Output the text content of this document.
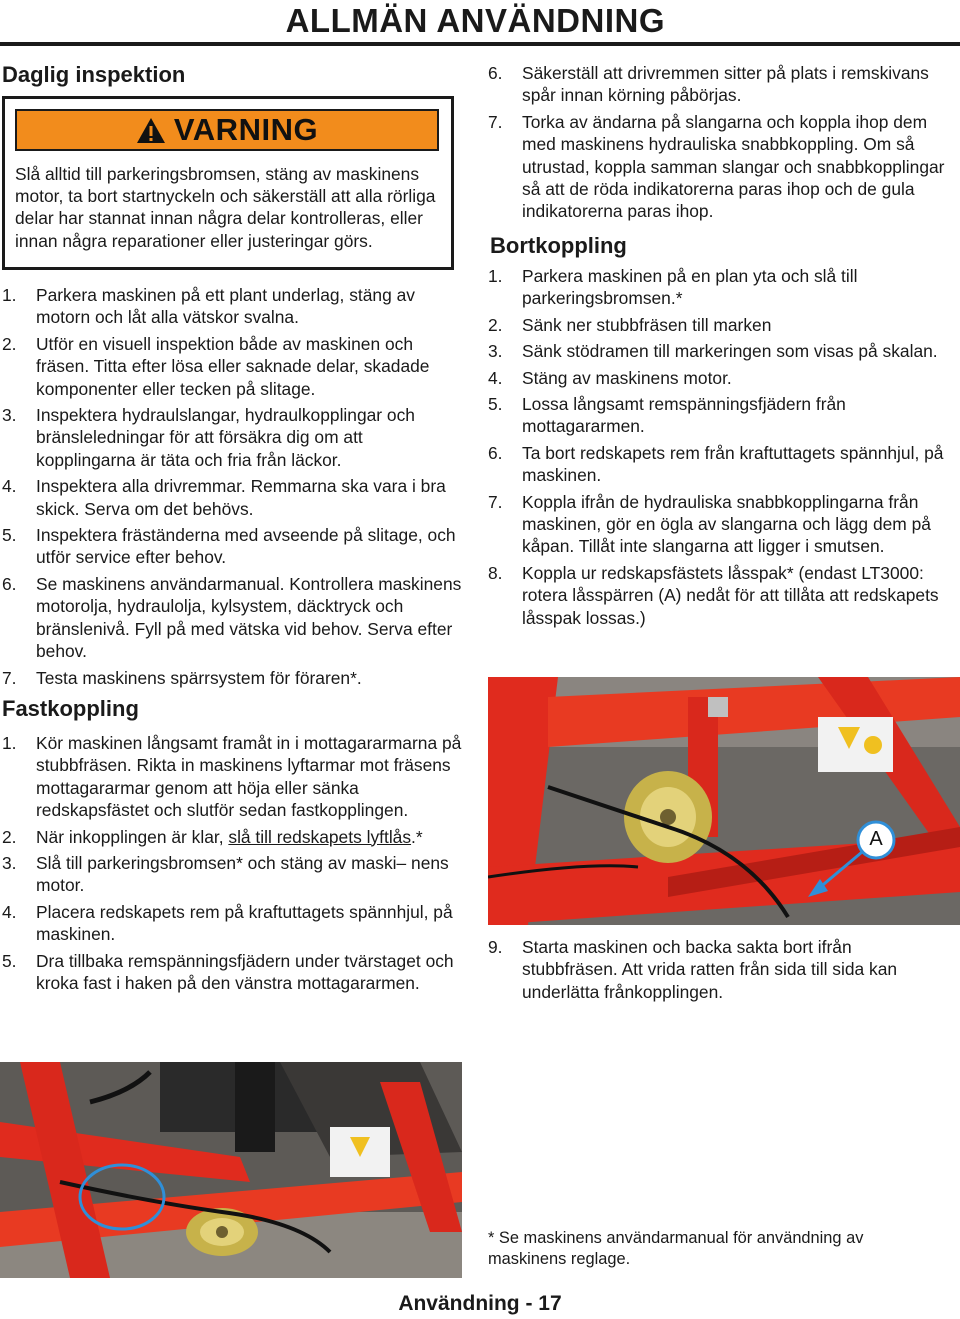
ALLMÄN ANVÄNDNING
Daglig inspektion
VARNING
Slå alltid till parkeringsbromsen, stäng av maskinens motor, ta bort startnyckeln och säkerställ att alla rörliga delar har stannat innan några delar kontrolleras, eller innan några reparationer eller justeringar görs.
1. Parkera maskinen på ett plant underlag, stäng av motorn och låt alla vätskor svalna.
2. Utför en visuell inspektion både av maskinen och fräsen. Titta efter lösa eller saknade delar, skadade komponenter eller tecken på slitage.
3. Inspektera hydraulslangar, hydraulkopplingar och bränsleledningar för att försäkra dig om att kopplingarna är täta och fria från läckor.
4. Inspektera alla drivremmar. Remmarna ska vara i bra skick. Serva om det behövs.
5. Inspektera fräständerna med avseende på slitage, och utför service efter behov.
6. Se maskinens användarmanual. Kontrollera maskinens motorolja, hydraulolja, kylsystem, däcktryck och bränslenivå. Fyll på med vätska vid behov. Serva efter behov.
7. Testa maskinens spärrsystem för föraren*.
Fastkoppling
1. Kör maskinen långsamt framåt in i mottagararmarna på stubbfräsen. Rikta in maskinens lyftarmar mot fräsens mottagararmar genom att höja eller sänka redskapsfästet och slutför sedan fastkopplingen.
2. När inkopplingen är klar, slå till redskapets lyftlås.*
3. Slå till parkeringsbromsen* och stäng av maski– nens motor.
4. Placera redskapets rem på kraftuttagets spännhjul, på maskinen.
5. Dra tillbaka remspänningsfjädern under tvärstaget och kroka fast i haken på den vänstra mottagararmen.
6. Säkerställ att drivremmen sitter på plats i remskivans spår innan körning påbörjas.
7. Torka av ändarna på slangarna och koppla ihop dem med maskinens hydrauliska snabbkoppling. Om så utrustad, koppla samman slangar och snabbkopplingar så att de röda indikatorerna paras ihop och de gula indikatorerna paras ihop.
Bortkoppling
1. Parkera maskinen på en plan yta och slå till parkeringsbromsen.*
2. Sänk ner stubbfräsen till marken
3. Sänk stödramen till markeringen som visas på skalan.
4. Stäng av maskinens motor.
5. Lossa långsamt remspänningsfjädern från mottagararmen.
6. Ta bort redskapets rem från kraftuttagets spännhjul, på maskinen.
7. Koppla ifrån de hydrauliska snabbkopplingarna från maskinen, gör en ögla av slangarna och lägg dem på kåpan. Tillåt inte slangarna att ligger i smutsen.
8. Koppla ur redskapsfästets låsspak* (endast LT3000: rotera låsspärren (A) nedåt för att tillåta att redskapets låsspak lossas.)
A
9. Starta maskinen och backa sakta bort ifrån stubbfräsen. Att vrida ratten från sida till sida kan underlätta frånkopplingen.
* Se maskinens användarmanual för användning av maskinens reglage.
Användning - 17
